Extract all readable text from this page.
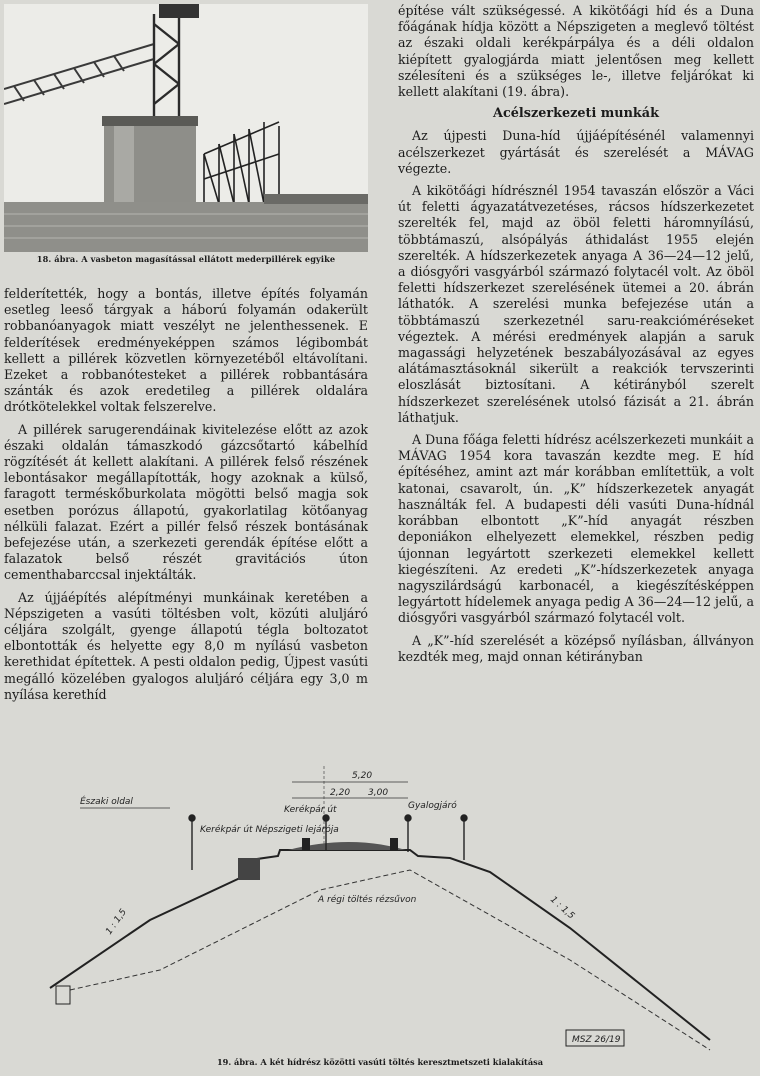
18. ábra. A vasbeton magasítással ellátott mederpillérek egyike

felderítették, hogy a bontás, illetve építés folyamán esetleg leeső tárgyak a háború folyamán odakerült robbanóanyagok miatt veszélyt ne jelenthessenek. E felderítések eredményeképpen számos légibombát kellett a pillérek közvetlen környezetéből eltávolítani. Ezeket a robbanótesteket a pillérek robbantására szánták és azok eredetileg a pillérek oldalára drótkötelekkel voltak felszerelve.

A pillérek sarugerendáinak kivitelezése előtt az azok északi oldalán támaszkodó gázcsőtartó kábelhíd rögzítését át kellett alakítani. A pillérek felső részének lebontásakor megállapították, hogy azoknak a külső, faragott terméskőburkolata mögötti belső magja sok esetben porózus állapotú, gyakorlatilag kötőanyag nélküli falazat. Ezért a pillér felső részek bontásának befejezése után, a szerkezeti gerendák építése előtt a falazatok belső részét gravitációs úton cementhabarccsal injektálták.

Az újjáépítés alépítményi munkáinak keretében a Népszigeten a vasúti töltésben volt, közúti aluljáró céljára szolgált, gyenge állapotú tégla boltozatot elbontották és helyette egy 8,0 m nyílású vasbeton kerethidat építettek. A pesti oldalon pedig, Újpest vasúti megálló közelében gyalogos aluljáró céljára egy 3,0 m nyílása kerethíd

építése vált szükségessé. A kikötőági híd és a Duna főágának hídja között a Népszigeten a meglevő töltést az északi oldali kerékpárpálya és a déli oldalon kiépített gyalogjárda miatt jelentősen meg kellett szélesíteni és a szükséges le-, illetve feljárókat ki kellett alakítani (19. ábra).

Acélszerkezeti munkák

Az újpesti Duna-híd újjáépítésénél valamennyi acélszerkezet gyártását és szerelését a MÁVAG végezte.

A kikötőági hídrésznél 1954 tavaszán először a Váci út feletti ágyazatátvezetéses, rácsos hídszerkezetet szerelték fel, majd az öböl feletti háromnyílású, többtámaszú, alsópályás áthidalást 1955 elején szerelték. A hídszerkezetek anyaga A 36—24—12 jelű, a diósgyőri vasgyárból származó folytacél volt. Az öböl feletti hídszerkezet szerelésének ütemei a 20. ábrán láthatók. A szerelési munka befejezése után a többtámaszú szerkezetnél saru-reakcióméréseket végeztek. A mérési eredmények alapján a saruk magassági helyzetének beszabályozásával az egyes alátámasztásoknál sikerült a reakciók tervszerinti eloszlását biztosítani. A kétirányból szerelt hídszerkezet szerelésének utolsó fázisát a 21. ábrán láthatjuk.

A Duna főága feletti hídrész acélszerkezeti munkáit a MÁVAG 1954 kora tavaszán kezdte meg. E híd építéséhez, amint azt már korábban említettük, a volt katonai, csavarolt, ún. „K” hídszerkezetek anyagát használták fel. A budapesti déli vasúti Duna-hídnál korábban elbontott „K”-híd anyagát részben deponiákon elhelyezett elemekkel, részben pedig újonnan legyártott szerkezeti elemekkel kellett kiegészíteni. Az eredeti „K”-hídszerkezetek anyaga nagyszilárdságú karbonacél, a kiegészítésképpen legyártott hídelemek anyaga pedig A 36—24—12 jelű, a diósgyőri vasgyárból származó folytacél volt.

A „K”-híd szerelését a középső nyílásban, állványon kezdték meg, majd onnan kétirányban

Északi oldal
5,20
2,20 3,00
Kerékpár út	Gyalogjáró
Kerékpár út Népszigeti lejárója
A régi töltés rézsűvon
1 : 1,5	1 : 1,5
MSZ 26/19
19. ábra. A két hídrész közötti vasúti töltés keresztmetszeti kialakítása
